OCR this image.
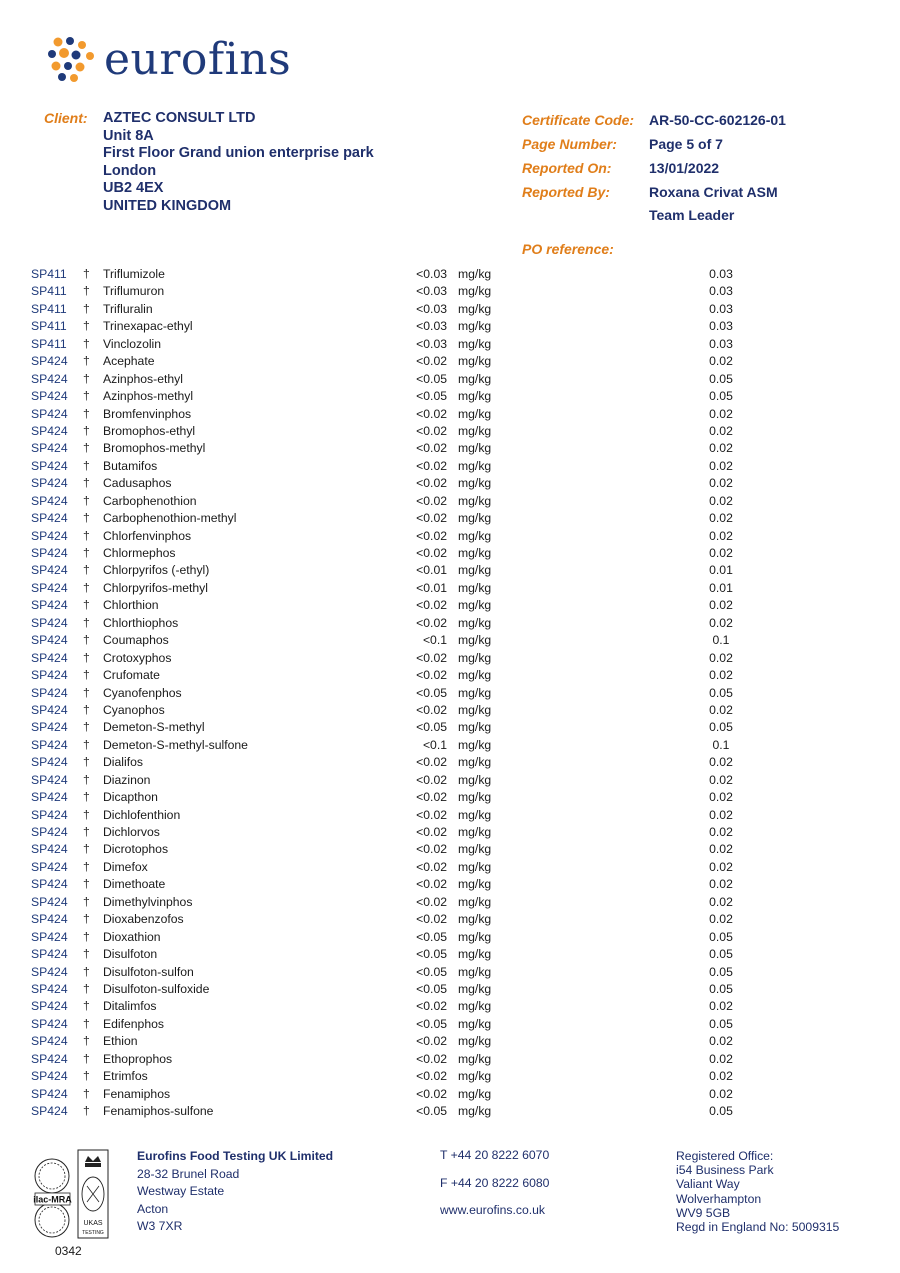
eurofins
Client: AZTEC CONSULT LTD
Unit 8A
First Floor Grand union enterprise park
London
UB2 4EX
UNITED KINGDOM
Certificate Code:	AR-50-CC-602126-01
Page Number:	Page 5 of 7
Reported On:	13/01/2022
Reported By:	Roxana Crivat ASM
Team Leader
PO reference:
SP411 † Triflumizole	<0.03 mg/kg	0.03
SP411 † Triflumuron	<0.03 mg/kg	0.03
SP411 † Trifluralin	<0.03 mg/kg	0.03
SP411 † Trinexapac-ethyl	<0.03 mg/kg	0.03
SP411 † Vinclozolin	<0.03 mg/kg	0.03
SP424 † Acephate	<0.02 mg/kg	0.02
SP424 † Azinphos-ethyl	<0.05 mg/kg	0.05
SP424 † Azinphos-methyl	<0.05 mg/kg	0.05
SP424 † Bromfenvinphos	<0.02 mg/kg	0.02
SP424 † Bromophos-ethyl	<0.02 mg/kg	0.02
SP424 † Bromophos-methyl	<0.02 mg/kg	0.02
SP424 † Butamifos	<0.02 mg/kg	0.02
SP424 † Cadusaphos	<0.02 mg/kg	0.02
SP424 † Carbophenothion	<0.02 mg/kg	0.02
SP424 † Carbophenothion-methyl	<0.02 mg/kg	0.02
SP424 † Chlorfenvinphos	<0.02 mg/kg	0.02
SP424 † Chlormephos	<0.02 mg/kg	0.02
SP424 † Chlorpyrifos (-ethyl)	<0.01 mg/kg	0.01
SP424 † Chlorpyrifos-methyl	<0.01 mg/kg	0.01
SP424 † Chlorthion	<0.02 mg/kg	0.02
SP424 † Chlorthiophos	<0.02 mg/kg	0.02
SP424 † Coumaphos	<0.1 mg/kg	0.1
SP424 † Crotoxyphos	<0.02 mg/kg	0.02
SP424 † Crufomate	<0.02 mg/kg	0.02
SP424 † Cyanofenphos	<0.05 mg/kg	0.05
SP424 † Cyanophos	<0.02 mg/kg	0.02
SP424 † Demeton-S-methyl	<0.05 mg/kg	0.05
SP424 † Demeton-S-methyl-sulfone	<0.1 mg/kg	0.1
SP424 † Dialifos	<0.02 mg/kg	0.02
SP424 † Diazinon	<0.02 mg/kg	0.02
SP424 † Dicapthon	<0.02 mg/kg	0.02
SP424 † Dichlofenthion	<0.02 mg/kg	0.02
SP424 † Dichlorvos	<0.02 mg/kg	0.02
SP424 † Dicrotophos	<0.02 mg/kg	0.02
SP424 † Dimefox	<0.02 mg/kg	0.02
SP424 † Dimethoate	<0.02 mg/kg	0.02
SP424 † Dimethylvinphos	<0.02 mg/kg	0.02
SP424 † Dioxabenzofos	<0.02 mg/kg	0.02
SP424 † Dioxathion	<0.05 mg/kg	0.05
SP424 † Disulfoton	<0.05 mg/kg	0.05
SP424 † Disulfoton-sulfon	<0.05 mg/kg	0.05
SP424 † Disulfoton-sulfoxide	<0.05 mg/kg	0.05
SP424 † Ditalimfos	<0.02 mg/kg	0.02
SP424 † Edifenphos	<0.05 mg/kg	0.05
SP424 † Ethion	<0.02 mg/kg	0.02
SP424 † Ethoprophos	<0.02 mg/kg	0.02
SP424 † Etrimfos	<0.02 mg/kg	0.02
SP424 † Fenamiphos	<0.02 mg/kg	0.02
SP424 † Fenamiphos-sulfone	<0.05 mg/kg	0.05
ilac-MRA
UKAS
TESTING
0342
Eurofins Food Testing UK Limited
28-32 Brunel Road
Westway Estate
Acton
W3 7XR
T +44 20 8222 6070
F +44 20 8222 6080
www.eurofins.co.uk
Registered Office:
i54 Business Park
Valiant Way
Wolverhampton
WV9 5GB
Regd in England No: 5009315
